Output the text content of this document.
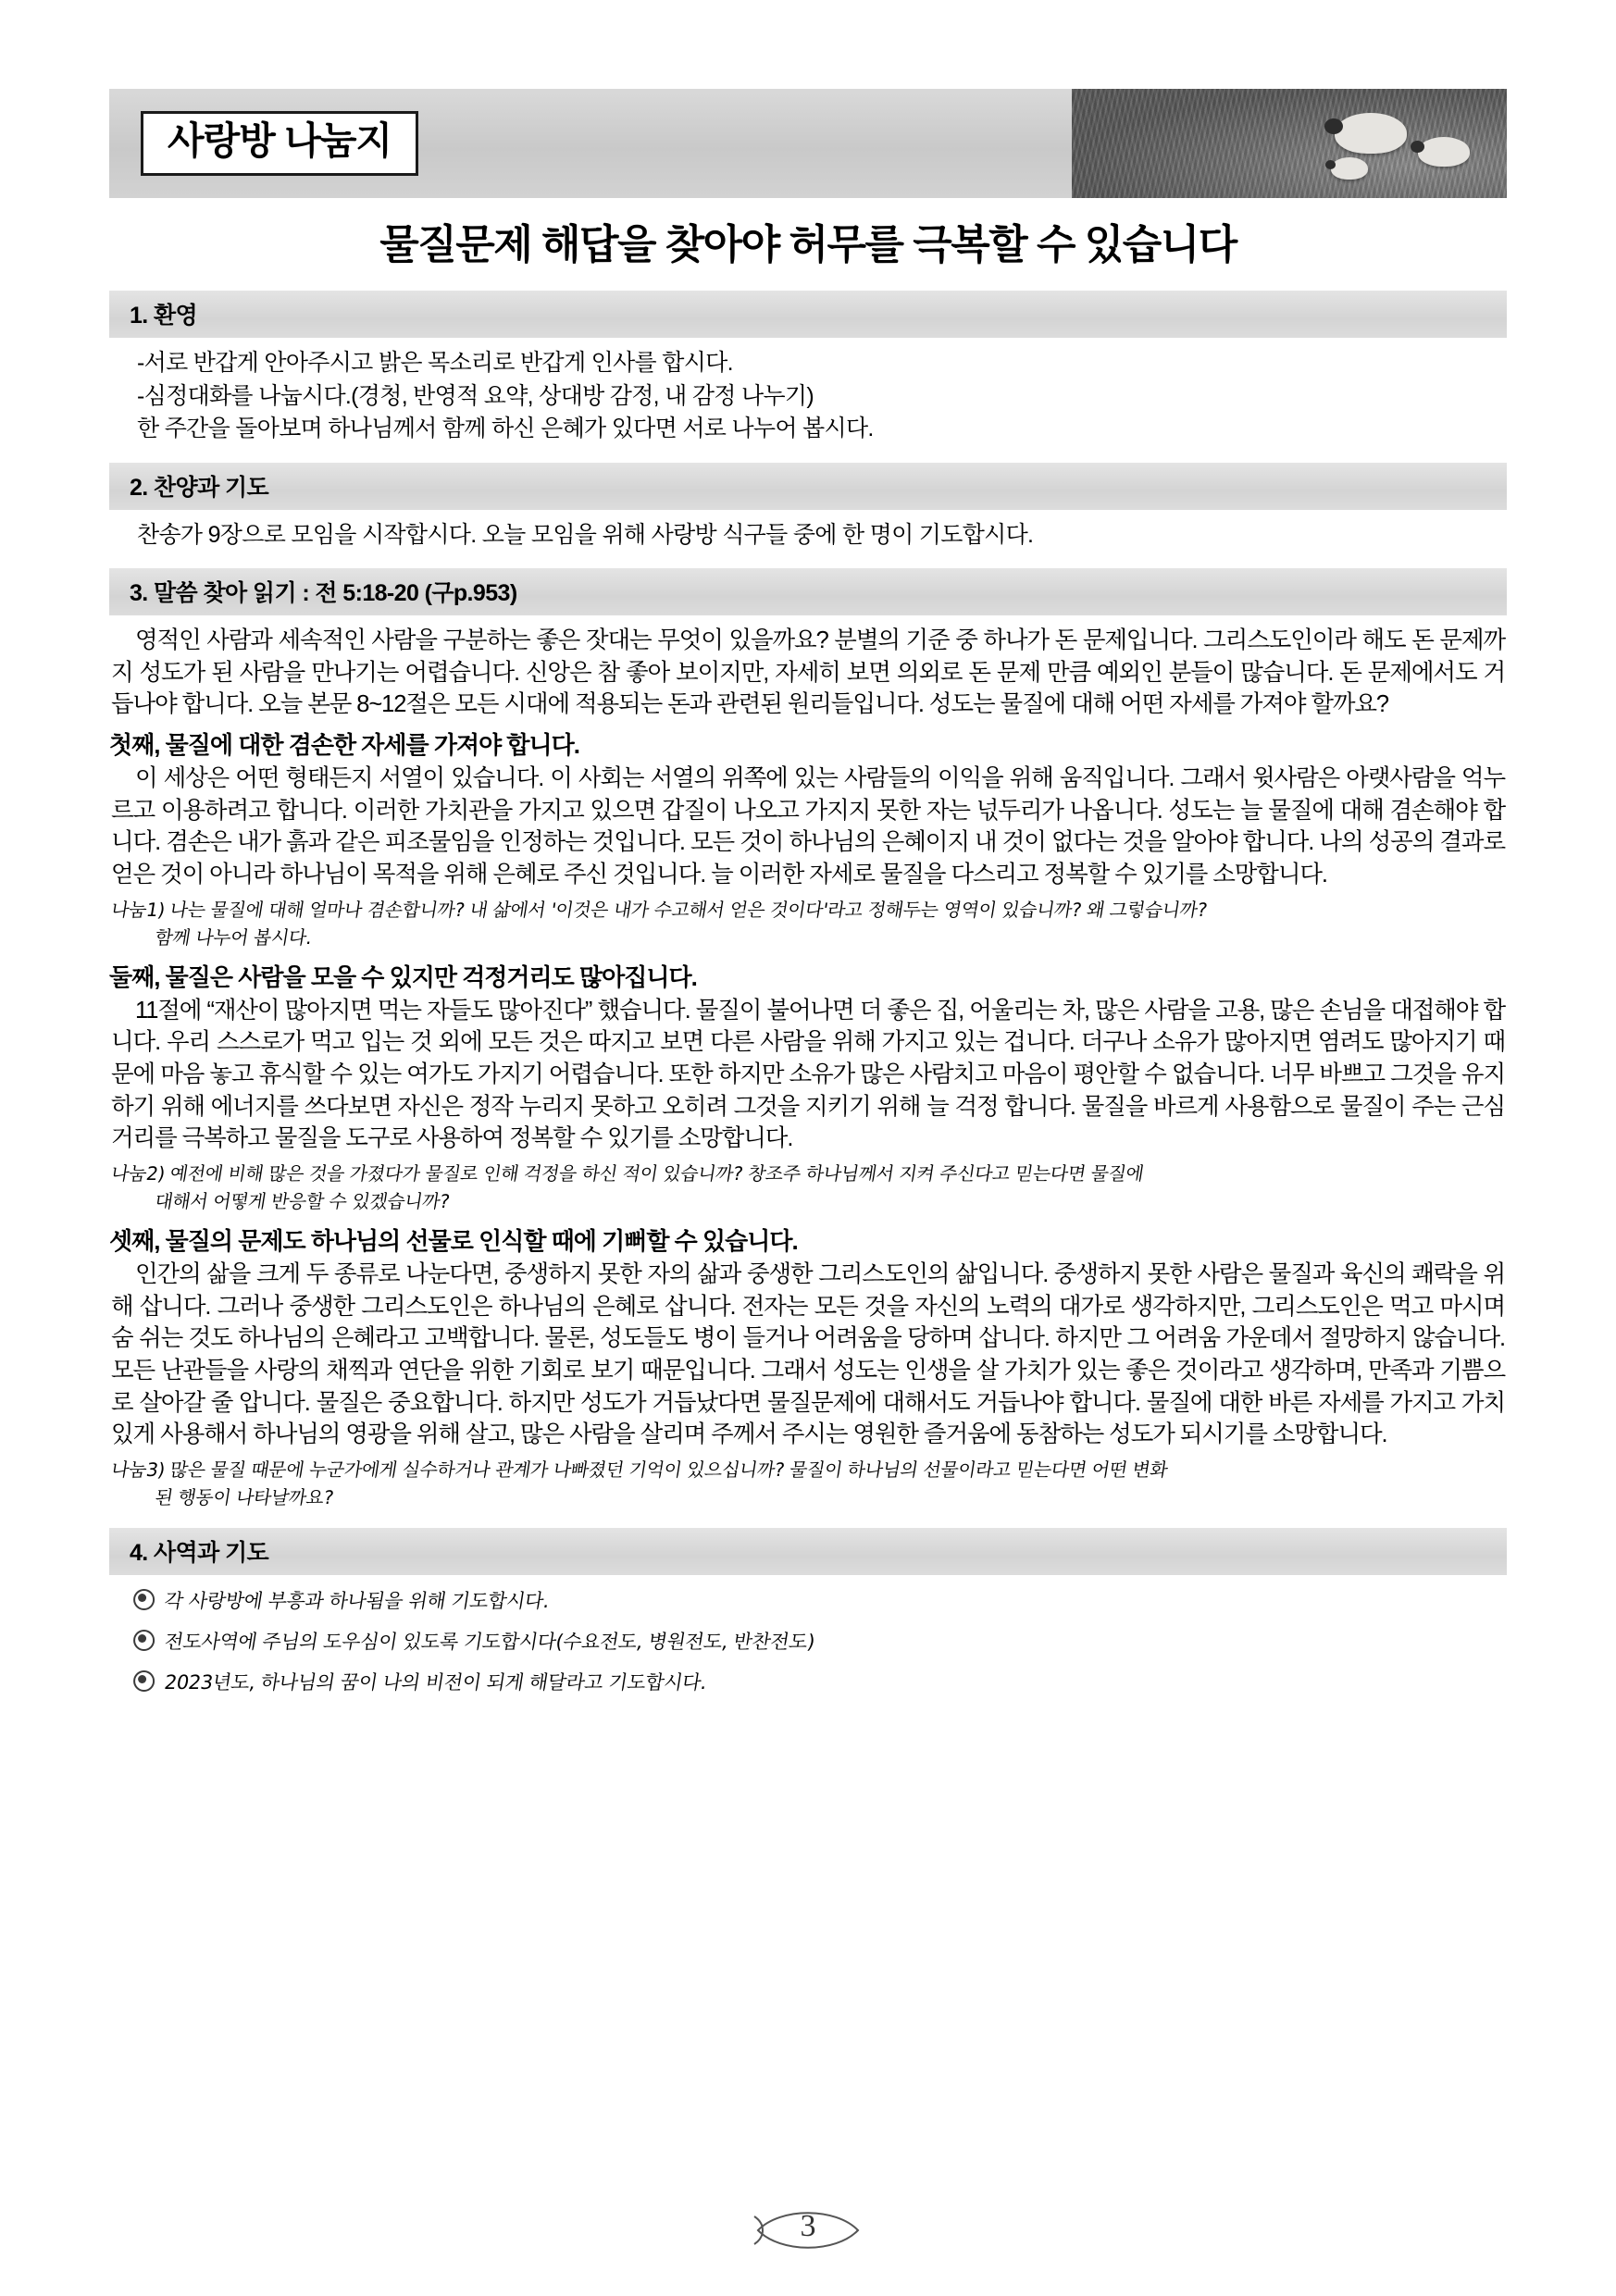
사랑방 나눔지
물질문제 해답을 찾아야 허무를 극복할 수 있습니다
1. 환영
-서로 반갑게 안아주시고 밝은 목소리로 반갑게 인사를 합시다.
-심정대화를 나눕시다.(경청, 반영적 요약, 상대방 감정, 내 감정 나누기)
한 주간을 돌아보며 하나님께서 함께 하신 은혜가 있다면 서로 나누어 봅시다.
2. 찬양과 기도
찬송가 9장으로 모임을 시작합시다. 오늘 모임을 위해 사랑방 식구들 중에 한 명이 기도합시다.
3. 말씀 찾아 읽기 : 전 5:18-20 (구p.953)

영적인 사람과 세속적인 사람을 구분하는 좋은 잣대는 무엇이 있을까요? 분별의 기준 중 하나가 돈 문제입니다. 그리스도인이라 해도 돈 문제까지 성도가 된 사람을 만나기는 어렵습니다. 신앙은 참 좋아 보이지만, 자세히 보면 의외로 돈 문제 만큼 예외인 분들이 많습니다. 돈 문제에서도 거듭나야 합니다. 오늘 본문 8~12절은 모든 시대에 적용되는 돈과 관련된 원리들입니다. 성도는 물질에 대해 어떤 자세를 가져야 할까요?

첫째, 물질에 대한 겸손한 자세를 가져야 합니다.

이 세상은 어떤 형태든지 서열이 있습니다. 이 사회는 서열의 위쪽에 있는 사람들의 이익을 위해 움직입니다. 그래서 윗사람은 아랫사람을 억누르고 이용하려고 합니다. 이러한 가치관을 가지고 있으면 갑질이 나오고 가지지 못한 자는 넋두리가 나옵니다. 성도는 늘 물질에 대해 겸손해야 합니다. 겸손은 내가 흙과 같은 피조물임을 인정하는 것입니다. 모든 것이 하나님의 은혜이지 내 것이 없다는 것을 알아야 합니다. 나의 성공의 결과로 얻은 것이 아니라 하나님이 목적을 위해 은혜로 주신 것입니다. 늘 이러한 자세로 물질을 다스리고 정복할 수 있기를 소망합니다.

나눔1) 나는 물질에 대해 얼마나 겸손합니까? 내 삶에서 '이것은 내가 수고해서 얻은 것이다'라고 정해두는 영역이 있습니까? 왜 그렇습니까?
함께 나누어 봅시다.
둘째, 물질은 사람을 모을 수 있지만 걱정거리도 많아집니다.

11절에 “재산이 많아지면 먹는 자들도 많아진다” 했습니다. 물질이 불어나면 더 좋은 집, 어울리는 차, 많은 사람을 고용, 많은 손님을 대접해야 합니다. 우리 스스로가 먹고 입는 것 외에 모든 것은 따지고 보면 다른 사람을 위해 가지고 있는 겁니다. 더구나 소유가 많아지면 염려도 많아지기 때문에 마음 놓고 휴식할 수 있는 여가도 가지기 어렵습니다. 또한 하지만 소유가 많은 사람치고 마음이 평안할 수 없습니다. 너무 바쁘고 그것을 유지하기 위해 에너지를 쓰다보면 자신은 정작 누리지 못하고 오히려 그것을 지키기 위해 늘 걱정 합니다. 물질을 바르게 사용함으로 물질이 주는 근심거리를 극복하고 물질을 도구로 사용하여 정복할 수 있기를 소망합니다.

나눔2) 예전에 비해 많은 것을 가졌다가 물질로 인해 걱정을 하신 적이 있습니까? 창조주 하나님께서 지켜 주신다고 믿는다면 물질에
대해서 어떻게 반응할 수 있겠습니까?
셋째, 물질의 문제도 하나님의 선물로 인식할 때에 기뻐할 수 있습니다.

인간의 삶을 크게 두 종류로 나눈다면, 중생하지 못한 자의 삶과 중생한 그리스도인의 삶입니다. 중생하지 못한 사람은 물질과 육신의 쾌락을 위해 삽니다. 그러나 중생한 그리스도인은 하나님의 은혜로 삽니다. 전자는 모든 것을 자신의 노력의 대가로 생각하지만, 그리스도인은 먹고 마시며 숨 쉬는 것도 하나님의 은혜라고 고백합니다. 물론, 성도들도 병이 들거나 어려움을 당하며 삽니다. 하지만 그 어려움 가운데서 절망하지 않습니다. 모든 난관들을 사랑의 채찍과 연단을 위한 기회로 보기 때문입니다. 그래서 성도는 인생을 살 가치가 있는 좋은 것이라고 생각하며, 만족과 기쁨으로 살아갈 줄 압니다. 물질은 중요합니다. 하지만 성도가 거듭났다면 물질문제에 대해서도 거듭나야 합니다. 물질에 대한 바른 자세를 가지고 가치 있게 사용해서 하나님의 영광을 위해 살고, 많은 사람을 살리며 주께서 주시는 영원한 즐거움에 동참하는 성도가 되시기를 소망합니다.

나눔3) 많은 물질 때문에 누군가에게 실수하거나 관계가 나빠졌던 기억이 있으십니까? 물질이 하나님의 선물이라고 믿는다면 어떤 변화
된 행동이 나타날까요?
4. 사역과 기도
각 사랑방에 부흥과 하나됨을 위해 기도합시다.
전도사역에 주님의 도우심이 있도록 기도합시다(수요전도, 병원전도, 반찬전도)
2023년도, 하나님의 꿈이 나의 비전이 되게 해달라고 기도합시다.
3
